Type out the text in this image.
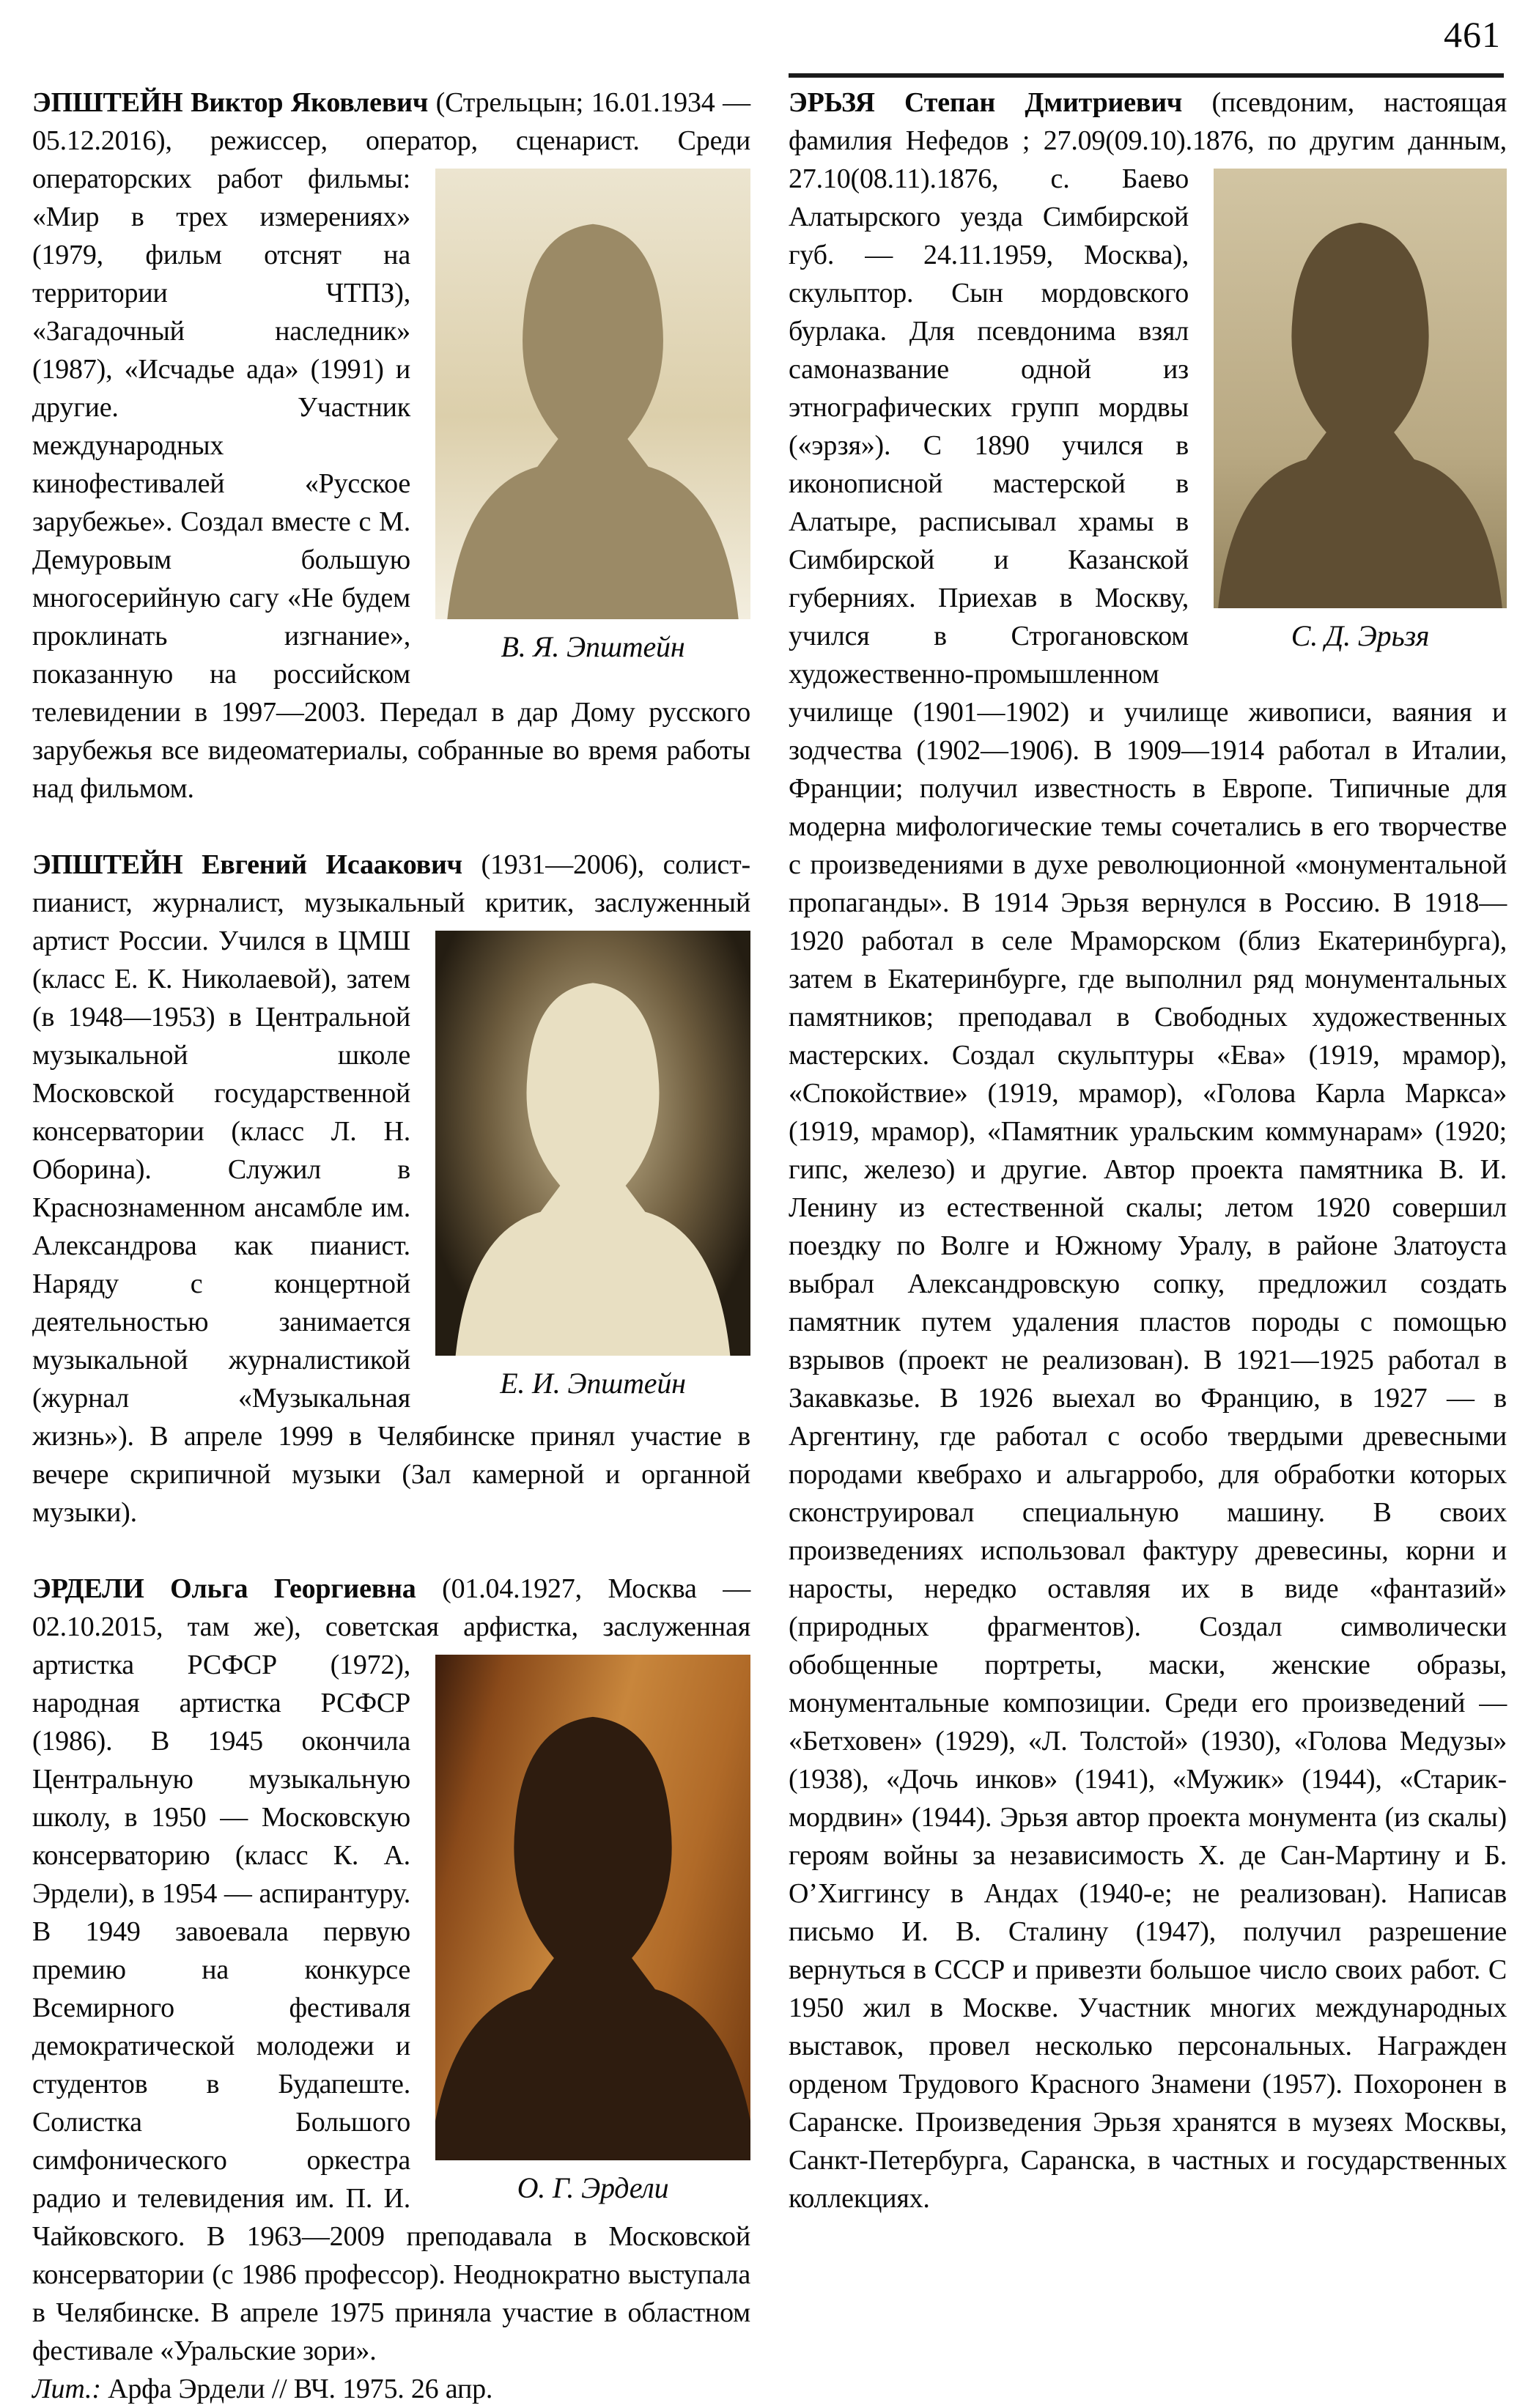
461

ЭПШТЕЙН Виктор Яковлевич (Стрельцын; 16.01.1934 — 05.12.2016), режиссер, оператор,
В. Я. Эпштейн
сценарист. Среди операторских работ фильмы: «Мир в трех измерениях» (1979, фильм отснят на территории ЧТПЗ), «Загадочный наследник» (1987), «Исчадье ада» (1991) и другие. Участник международных кинофестивалей «Русское зарубежье». Создал вместе с М. Демуровым большую многосерийную сагу «Не будем проклинать изгнание», показанную на российском телевидении в 1997—2003. Передал в дар Дому русского зарубежья все видеоматериалы, собранные во время работы над фильмом.

ЭПШТЕЙН Евгений Исаакович (1931—2006), солист-пианист, журналист, музыкальный
Е. И. Эпштейн
критик, заслуженный артист России. Учился в ЦМШ (класс Е. К. Николаевой), затем (в 1948—1953) в Центральной музыкальной школе Московской государственной консерватории (класс Л. Н. Оборина). Служил в Краснознаменном ансамбле им. Александрова как пианист. Наряду с концертной деятельностью занимается музыкальной журналистикой (журнал «Музыкальная жизнь»). В апреле 1999 в Челябинске принял участие в вечере скрипичной музыки (Зал камерной и органной музыки).

ЭРДЕЛИ Ольга Георгиевна (01.04.1927, Москва — 02.10.2015, там же), советская арфистка,
О. Г. Эрдели
заслуженная артистка РСФСР (1972), народная артистка РСФСР (1986). В 1945 окончила Центральную музыкальную школу, в 1950 — Московскую консерваторию (класс К. А. Эрдели), в 1954 — аспирантуру. В 1949 завоевала первую премию на конкурсе Всемирного фестиваля демократической молодежи и студентов в Будапеште. Солистка Большого симфонического оркестра радио и телевидения им. П. И. Чайковского. В 1963—2009 преподавала в Московской консерватории (с 1986 профессор). Неоднократно выступала в Челябинске. В апреле 1975 приняла участие в областном фестивале «Уральские зори».

Лит.: Арфа Эрдели // ВЧ. 1975. 26 апр.

ЭРЬЗЯ Степан Дмитриевич (псевдоним, настоящая фамилия Нефедов ; 27.09(09.10).1876,
С. Д. Эрьзя
по другим данным, 27.10(08.11).1876, с. Баево Алатырского уезда Симбирской губ. — 24.11.1959, Москва), скульптор. Сын мордовского бурлака. Для псевдонима взял самоназвание одной из этнографических групп мордвы («эрзя»). С 1890 учился в иконописной мастерской в Алатыре, расписывал храмы в Симбирской и Казанской губерниях. Приехав в Москву, учился в Строгановском художественно-промышленном училище (1901—1902) и училище живописи, ваяния и зодчества (1902—1906). В 1909—1914 работал в Италии, Франции; получил известность в Европе. Типичные для модерна мифологические темы сочетались в его творчестве с произведениями в духе революционной «монументальной пропаганды». В 1914 Эрьзя вернулся в Россию. В 1918—1920 работал в селе Мраморском (близ Екатеринбурга), затем в Екатеринбурге, где выполнил ряд монументальных памятников; преподавал в Свободных художественных мастерских. Создал скульптуры «Ева» (1919, мрамор), «Спокойствие» (1919, мрамор), «Голова Карла Маркса» (1919, мрамор), «Памятник уральским коммунарам» (1920; гипс, железо) и другие. Автор проекта памятника В. И. Ленину из естественной скалы; летом 1920 совершил поездку по Волге и Южному Уралу, в районе Златоуста выбрал Александровскую сопку, предложил создать памятник путем удаления пластов породы с помощью взрывов (проект не реализован). В 1921—1925 работал в Закавказье. В 1926 выехал во Францию, в 1927 — в Аргентину, где работал с особо твердыми древесными породами квебрахо и альгарробо, для обработки которых сконструировал специальную машину. В своих произведениях использовал фактуру древесины, корни и наросты, нередко оставляя их в виде «фантазий» (природных фрагментов). Создал символически обобщенные портреты, маски, женские образы, монументальные композиции. Среди его произведений — «Бетховен» (1929), «Л. Толстой» (1930), «Голова Медузы» (1938), «Дочь инков» (1941), «Мужик» (1944), «Старик-мордвин» (1944). Эрьзя автор проекта монумента (из скалы) героям войны за независимость Х. де Сан-Мартину и Б. О’Хиггинсу в Андах (1940-е; не реализован). Написав письмо И. В. Сталину (1947), получил разрешение вернуться в СССР и привезти большое число своих работ. С 1950 жил в Москве. Участник многих международных выставок, провел несколько персональных. Награжден орденом Трудового Красного Знамени (1957). Похоронен в Саранске. Произведения Эрьзя хранятся в музеях Москвы, Санкт-Петербурга, Саранска, в частных и государственных коллекциях.
